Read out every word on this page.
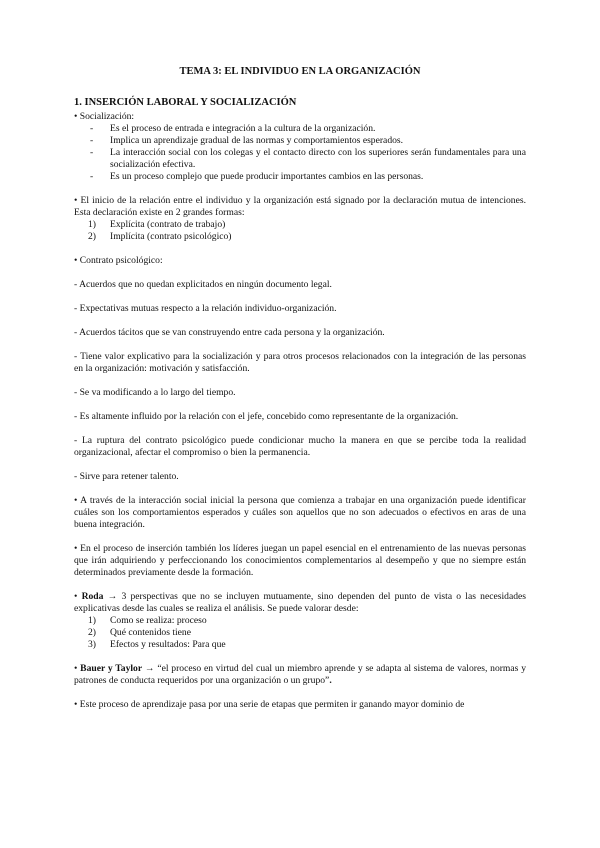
TEMA 3: EL INDIVIDUO EN LA ORGANIZACIÓN
1. INSERCIÓN LABORAL Y SOCIALIZACIÓN

• Socialización:

- Es el proceso de entrada e integración a la cultura de la organización.
- Implica un aprendizaje gradual de las normas y comportamientos esperados.
- La interacción social con los colegas y el contacto directo con los superiores serán fundamentales para una socialización efectiva.
- Es un proceso complejo que puede producir importantes cambios en las personas.

• El inicio de la relación entre el individuo y la organización está signado por la declaración mutua de intenciones. Esta declaración existe en 2 grandes formas:

1) Explícita (contrato de trabajo)
2) Implícita (contrato psicológico)

• Contrato psicológico:

- Acuerdos que no quedan explicitados en ningún documento legal.

- Expectativas mutuas respecto a la relación individuo-organización.

- Acuerdos tácitos que se van construyendo entre cada persona y la organización.

- Tiene valor explicativo para la socialización y para otros procesos relacionados con la integración de las personas en la organización: motivación y satisfacción.

- Se va modificando a lo largo del tiempo.

- Es altamente influido por la relación con el jefe, concebido como representante de la organización.

- La ruptura del contrato psicológico puede condicionar mucho la manera en que se percibe toda la realidad organizacional, afectar el compromiso o bien la permanencia.

- Sirve para retener talento.

• A través de la interacción social inicial la persona que comienza a trabajar en una organización puede identificar cuáles son los comportamientos esperados y cuáles son aquellos que no son adecuados o efectivos en aras de una buena integración.

• En el proceso de inserción también los líderes juegan un papel esencial en el entrenamiento de las nuevas personas que irán adquiriendo y perfeccionando los conocimientos complementarios al desempeño y que no siempre están determinados previamente desde la formación.

• Roda → 3 perspectivas que no se incluyen mutuamente, sino dependen del punto de vista o las necesidades explicativas desde las cuales se realiza el análisis. Se puede valorar desde:

1) Como se realiza: proceso
2) Qué contenidos tiene
3) Efectos y resultados: Para que

• Bauer y Taylor → “el proceso en virtud del cual un miembro aprende y se adapta al sistema de valores, normas y patrones de conducta requeridos por una organización o un grupo”.

• Este proceso de aprendizaje pasa por una serie de etapas que permiten ir ganando mayor dominio de
